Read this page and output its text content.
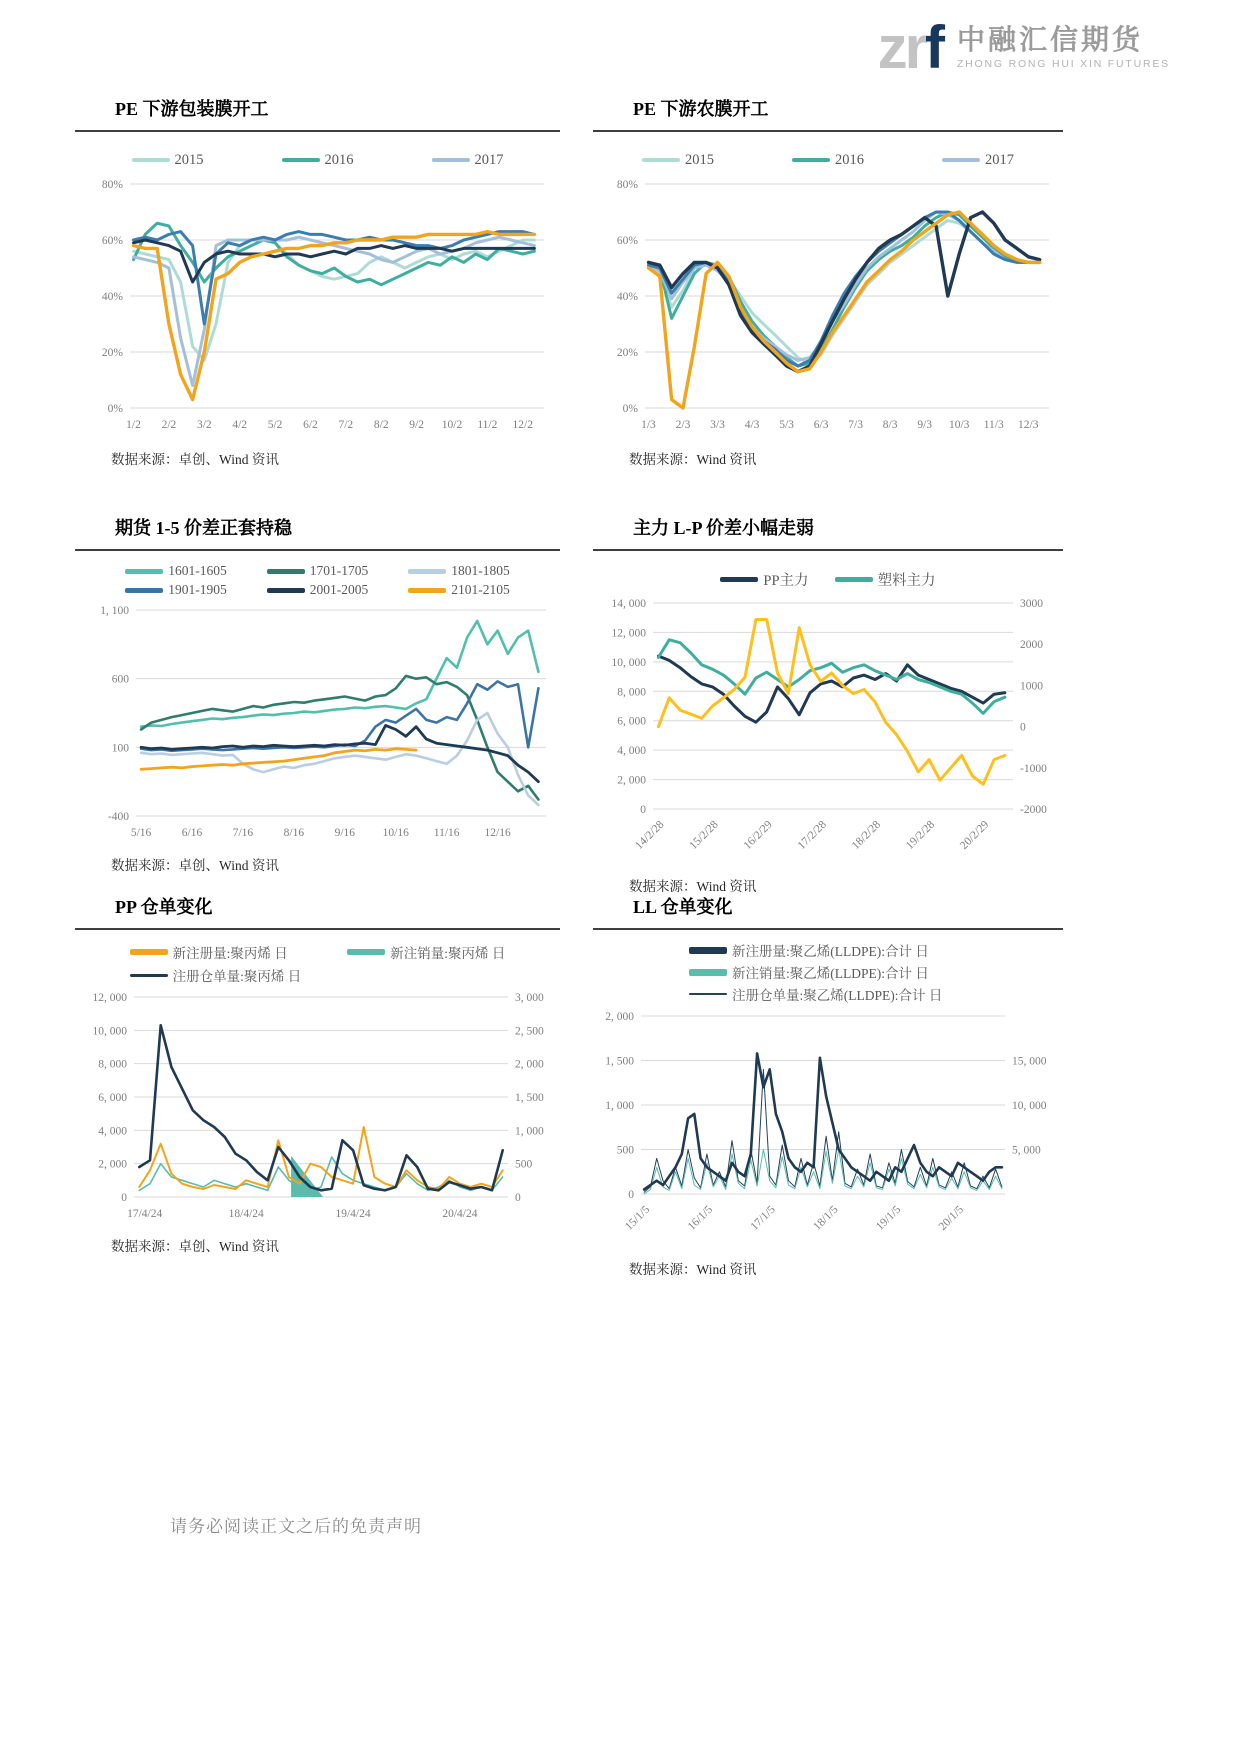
zrf 中融汇信期货
ZHONG RONG HUI XIN FUTURES
PE 下游包装膜开工
2015	2016	2017
80%
60%
40%
20%
0%
1/2 2/2 3/2 4/2 5/2 6/2 7/2 8/2 9/2 10/2 11/2 12/2
数据来源：卓创、Wind 资讯
PE 下游农膜开工
2015	2016	2017
80%
60%
40%
20%
0%
1/3 2/3 3/3 4/3 5/3 6/3 7/3 8/3 9/3 10/3 11/3 12/3
数据来源：Wind 资讯
期货 1-5 价差正套持稳
1601-1605	1701-1705	1801-1805
1901-1905	2001-2005	2101-2105
1, 100
600
100
-400
5/16	6/16	7/16	8/16	9/16 10/16 11/16 12/16
数据来源：卓创、Wind 资讯
主力 L-P 价差小幅走弱
PP主力	塑料主力
14, 000
12, 000
10, 000
8, 000
6, 000
4, 000
2, 000
0
3000
2000
1000
0
-1000
-2000
14/2/28 15/2/28 16/2/29 17/2/28 18/2/28 19/2/28 20/2/29
数据来源：Wind 资讯
PP 仓单变化
新注册量:聚丙烯 日	新注销量:聚丙烯 日
注册仓单量:聚丙烯 日
12, 000
10, 000
8, 000
6, 000
4, 000
2, 000
0
3, 000
2, 500
2, 000
1, 500
1, 000
500
0
17/4/24	18/4/24	19/4/24	20/4/24
数据来源：卓创、Wind 资讯
LL 仓单变化
新注册量:聚乙烯(LLDPE):合计 日
新注销量:聚乙烯(LLDPE):合计 日
注册仓单量:聚乙烯(LLDPE):合计 日
2, 000
1, 500
1, 000
500
0
15, 000
10, 000
5, 000
15/1/5	16/1/5	17/1/5	18/1/5	19/1/5	20/1/5
数据来源：Wind 资讯
请务必阅读正文之后的免责声明
